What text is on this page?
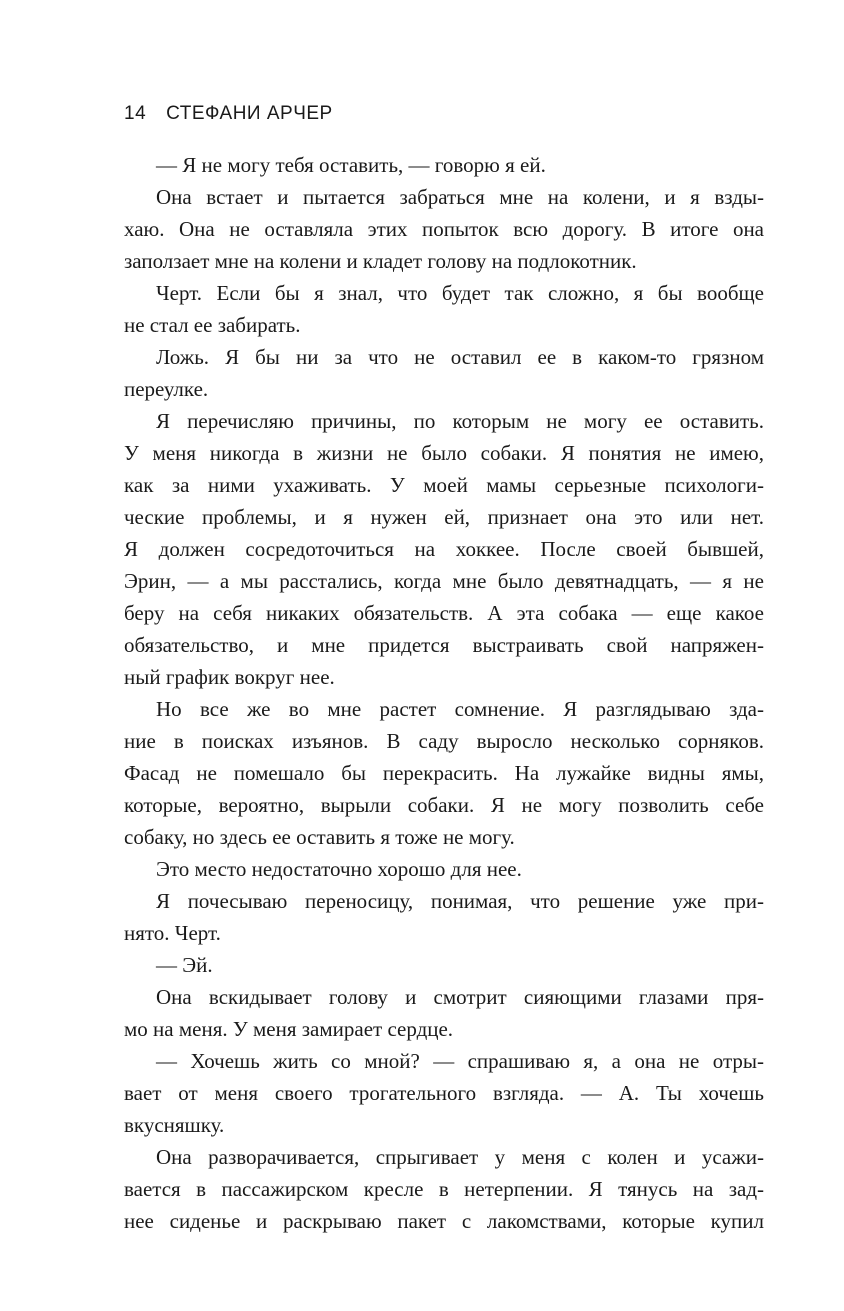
14 СТЕФАНИ АРЧЕР
— Я не могу тебя оставить, — говорю я ей.
Она встает и пытается забраться мне на колени, и я взды-
хаю. Она не оставляла этих попыток всю дорогу. В итоге она
заползает мне на колени и кладет голову на подлокотник.
Черт. Если бы я знал, что будет так сложно, я бы вообще
не стал ее забирать.
Ложь. Я бы ни за что не оставил ее в каком-то грязном
переулке.
Я перечисляю причины, по которым не могу ее оставить.
У меня никогда в жизни не было собаки. Я понятия не имею,
как за ними ухаживать. У моей мамы серьезные психологи-
ческие проблемы, и я нужен ей, признает она это или нет.
Я должен сосредоточиться на хоккее. После своей бывшей,
Эрин, — а мы расстались, когда мне было девятнадцать, — я не
беру на себя никаких обязательств. А эта собака — еще какое
обязательство, и мне придется выстраивать свой напряжен-
ный график вокруг нее.
Но все же во мне растет сомнение. Я разглядываю зда-
ние в поисках изъянов. В саду выросло несколько сорняков.
Фасад не помешало бы перекрасить. На лужайке видны ямы,
которые, вероятно, вырыли собаки. Я не могу позволить себе
собаку, но здесь ее оставить я тоже не могу.
Это место недостаточно хорошо для нее.
Я почесываю переносицу, понимая, что решение уже при-
нято. Черт.
— Эй.
Она вскидывает голову и смотрит сияющими глазами пря-
мо на меня. У меня замирает сердце.
— Хочешь жить со мной? — спрашиваю я, а она не отры-
вает от меня своего трогательного взгляда. — А. Ты хочешь
вкусняшку.
Она разворачивается, спрыгивает у меня с колен и усажи-
вается в пассажирском кресле в нетерпении. Я тянусь на зад-
нее сиденье и раскрываю пакет с лакомствами, которые купил
